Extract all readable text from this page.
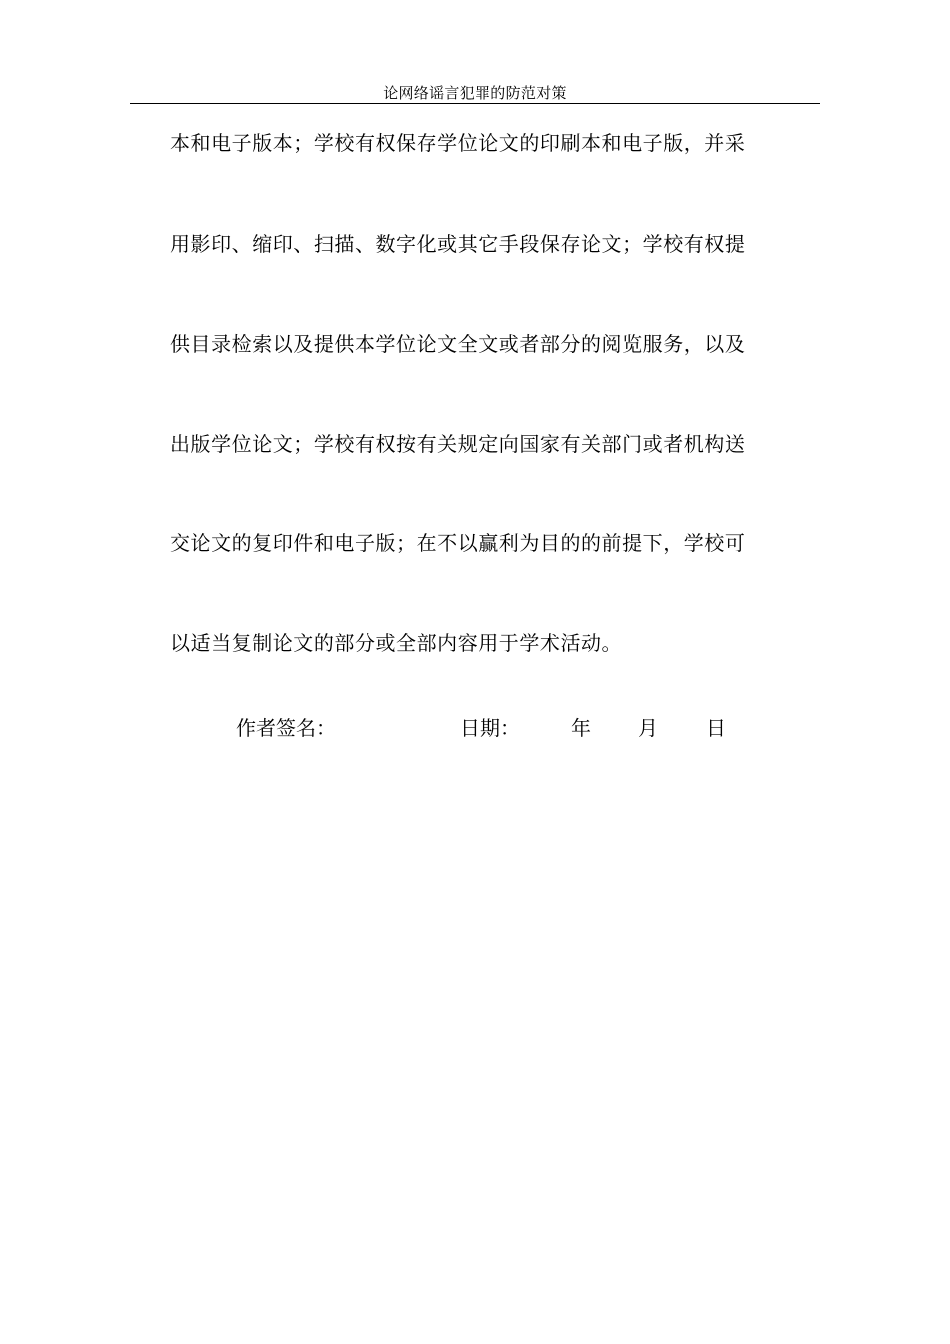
论网络谣言犯罪的防范对策
本和电子版本；学校有权保存学位论文的印刷本和电子版，并采
用影印、缩印、扫描、数字化或其它手段保存论文；学校有权提
供目录检索以及提供本学位论文全文或者部分的阅览服务，以及
出版学位论文；学校有权按有关规定向国家有关部门或者机构送
交论文的复印件和电子版；在不以赢利为目的的前提下，学校可
以适当复制论文的部分或全部内容用于学术活动。
作者签名：	日期：	年 月 日
